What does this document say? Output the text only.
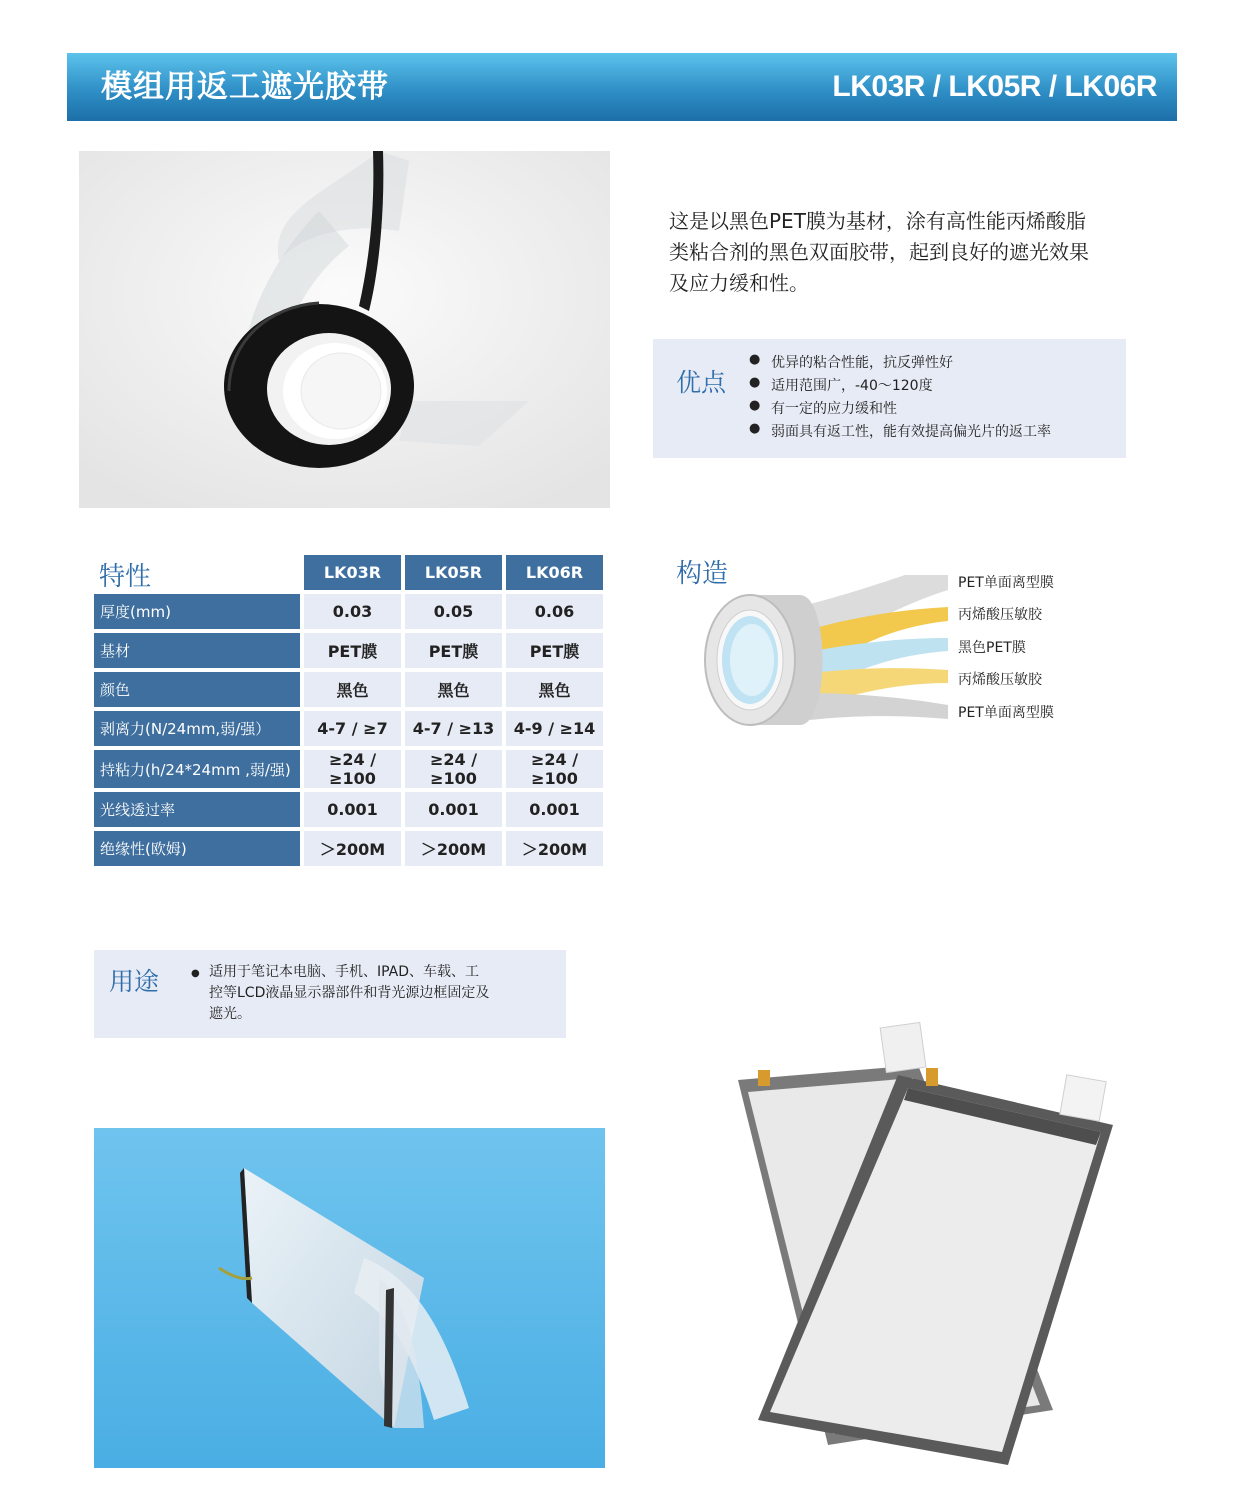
模组用返工遮光胶带	LK03R / LK05R / LK06R
这是以黑色PET膜为基材，涂有高性能丙烯酸脂
类粘合剂的黑色双面胶带，起到良好的遮光效果
及应力缓和性。
优点
● 优异的粘合性能，抗反弹性好
● 适用范围广，-40～120度
● 有一定的应力缓和性
● 弱面具有返工性，能有效提高偏光片的返工率
特性
		LK03R	LK05R	LK06R
厚度(mm)	0.03	0.05	0.06
基材	PET膜	PET膜	PET膜
颜色	黑色	黑色	黑色
剥离力(N/24mm,弱/强）	4-7 / ≥7	4-7 / ≥13	4-9 / ≥14
持粘力(h/24*24mm ,弱/强)	≥24 / ≥100	≥24 / ≥100	≥24 / ≥100
光线透过率	0.001	0.001	0.001
绝缘性(欧姆)	＞200M	＞200M	＞200M
构造	PET单面离型膜
丙烯酸压敏胶
黑色PET膜
丙烯酸压敏胶
PET单面离型膜
用途	● 适用于笔记本电脑、手机、IPAD、车载、工控等LCD液晶显示器部件和背光源边框固定及遮光。
